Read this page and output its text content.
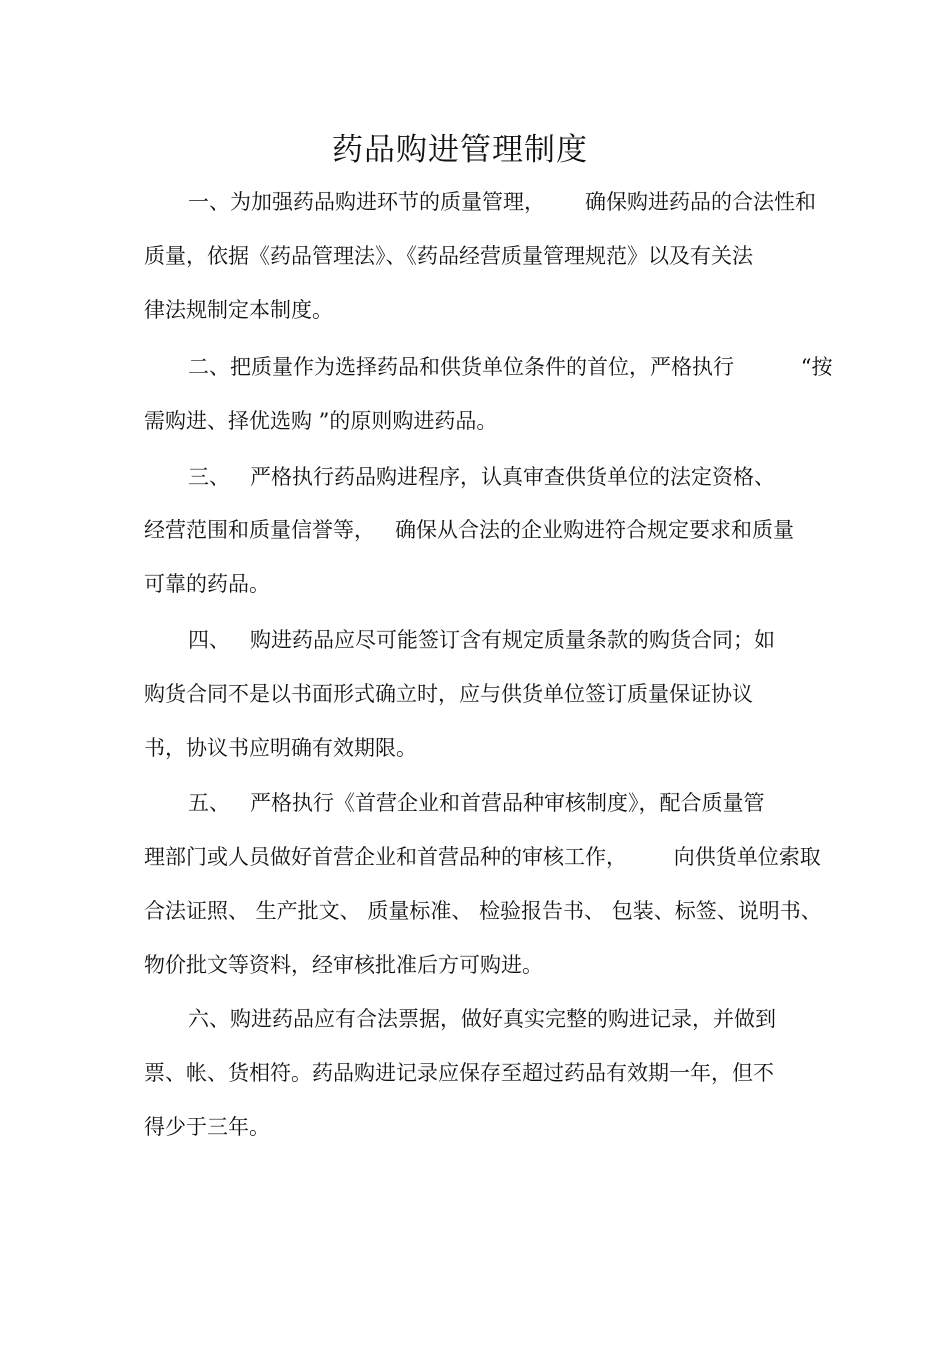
药品购进管理制度
一、为加强药品购进环节的质量管理，      确保购进药品的合法性和
质量，依据《药品管理法》、《药品经营质量管理规范》以及有关法
律法规制定本制度。
二、把质量作为选择药品和供货单位条件的首位，严格执行          “按
需购进、择优选购 ”的原则购进药品。
三、   严格执行药品购进程序，认真审查供货单位的法定资格、
经营范围和质量信誉等，   确保从合法的企业购进符合规定要求和质量
可靠的药品。
四、   购进药品应尽可能签订含有规定质量条款的购货合同；如
购货合同不是以书面形式确立时，应与供货单位签订质量保证协议
书，协议书应明确有效期限。
五、   严格执行《首营企业和首营品种审核制度》，配合质量管
理部门或人员做好首营企业和首营品种的审核工作，       向供货单位索取
合法证照、 生产批文、 质量标准、 检验报告书、 包装、标签、说明书、
物价批文等资料，经审核批准后方可购进。
六、购进药品应有合法票据，做好真实完整的购进记录，并做到
票、帐、货相符。药品购进记录应保存至超过药品有效期一年，但不
得少于三年。
